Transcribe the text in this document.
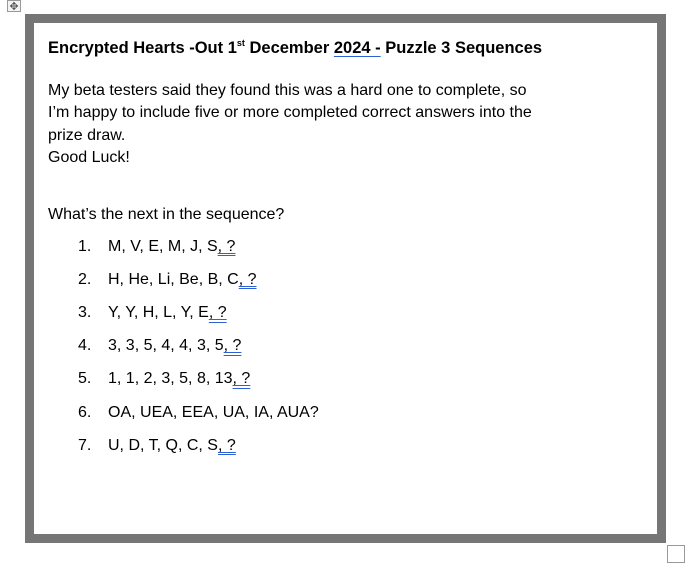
✥
Encrypted Hearts -Out 1st December 2024 - Puzzle 3 Sequences
My beta testers said they found this was a hard one to complete, so
I’m happy to include five or more completed correct answers into the
prize draw.
Good Luck!
What’s the next in the sequence?
1. M, V, E, M, J, S, ?
2. H, He, Li, Be, B, C, ?
3. Y, Y, H, L, Y, E, ?
4. 3, 3, 5, 4, 4, 3, 5, ?
5. 1, 1, 2, 3, 5, 8, 13, ?
6. OA, UEA, EEA, UA, IA, AUA?
7. U, D, T, Q, C, S, ?
